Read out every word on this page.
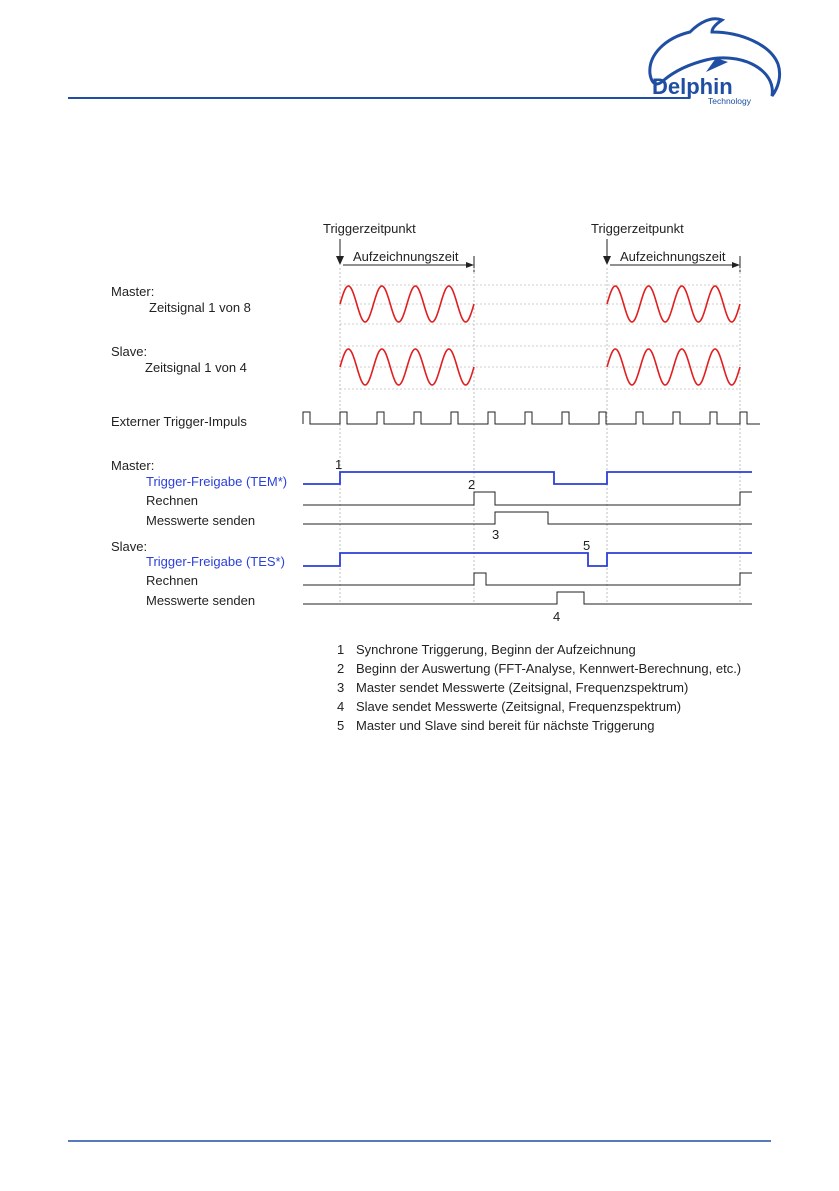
Delphin
Technology
Triggerzeitpunkt	Triggerzeitpunkt
Aufzeichnungszeit	Aufzeichnungszeit
Master:
Zeitsignal 1 von 8
Slave:
Zeitsignal 1 von 4
Externer Trigger-Impuls
Master:
Trigger-Freigabe (TEM*)
Rechnen
Messwerte senden
Slave:
Trigger-Freigabe (TES*)
Rechnen
Messwerte senden
1
2
3
4
5
1 Synchrone Triggerung, Beginn der Aufzeichnung
2 Beginn der Auswertung (FFT-Analyse, Kennwert-Berechnung, etc.)
3 Master sendet Messwerte (Zeitsignal, Frequenzspektrum)
4 Slave sendet Messwerte (Zeitsignal, Frequenzspektrum)
5 Master und Slave sind bereit für nächste Triggerung
